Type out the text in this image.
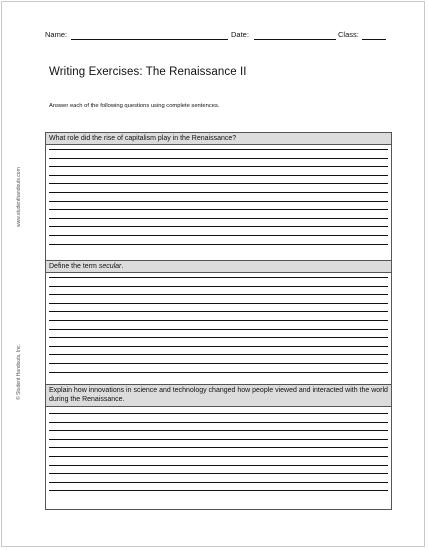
Name:	Date:	Class:
Writing Exercises: The Renaissance II
Answer each of the following questions using complete sentences.
www.studenthandouts.com
© Student Handouts, Inc.
What role did the rise of capitalism play in the Renaissance?
Define the term secular.
Explain how innovations in science and technology changed how people viewed and interacted with the world during the Renaissance.
